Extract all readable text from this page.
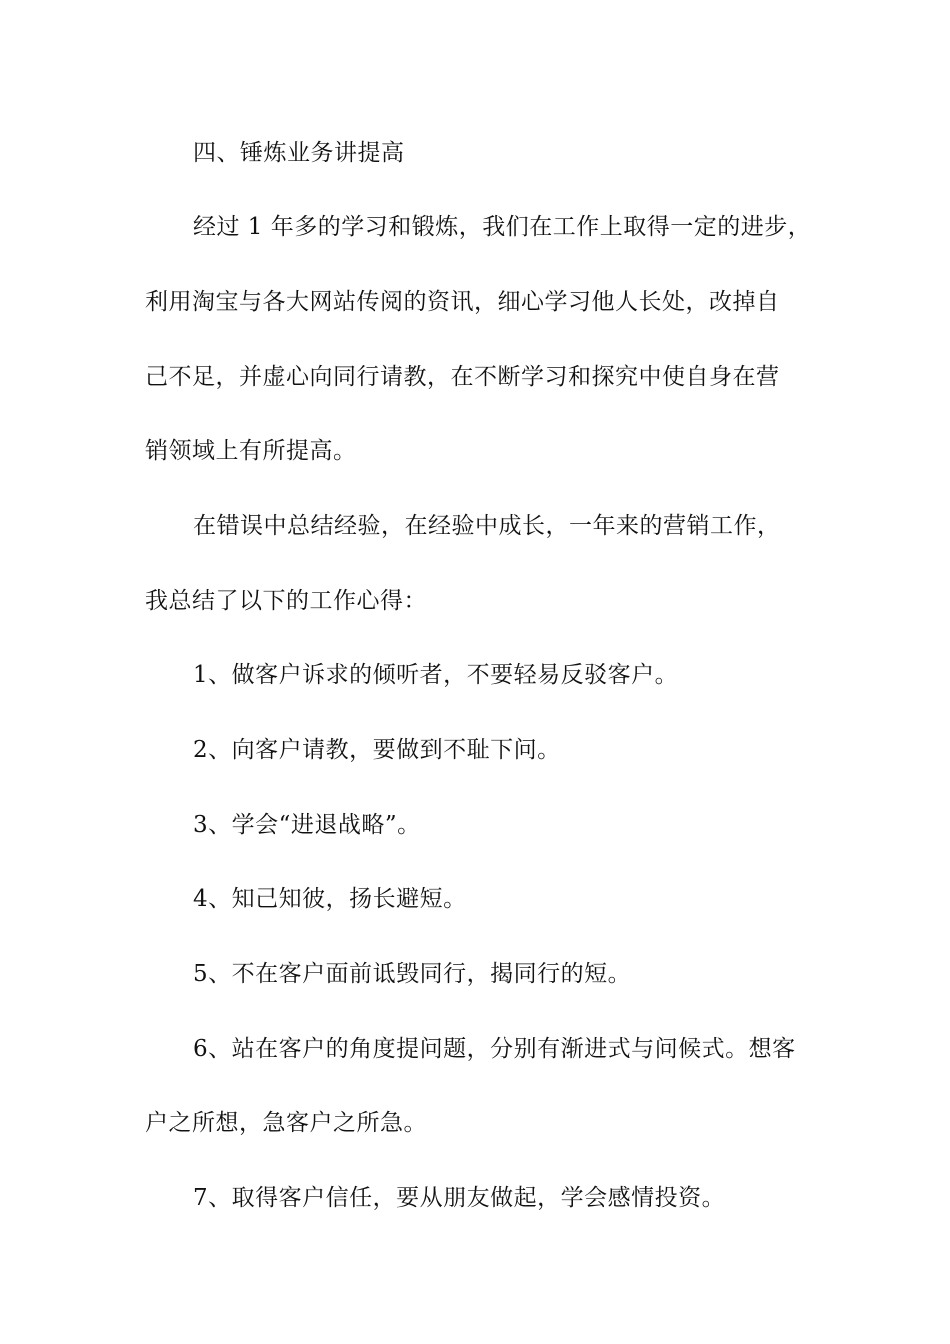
四、锤炼业务讲提高
经过 1 年多的学习和锻炼，我们在工作上取得一定的进步，
利用淘宝与各大网站传阅的资讯，细心学习他人长处，改掉自
己不足，并虚心向同行请教，在不断学习和探究中使自身在营
销领域上有所提高。
在错误中总结经验，在经验中成长，一年来的营销工作，
我总结了以下的工作心得：
1、做客户诉求的倾听者，不要轻易反驳客户。
2、向客户请教，要做到不耻下问。
3、学会“进退战略”。
4、知己知彼，扬长避短。
5、不在客户面前诋毁同行，揭同行的短。
6、站在客户的角度提问题，分别有渐进式与问候式。想客
户之所想，急客户之所急。
7、取得客户信任，要从朋友做起，学会感情投资。
